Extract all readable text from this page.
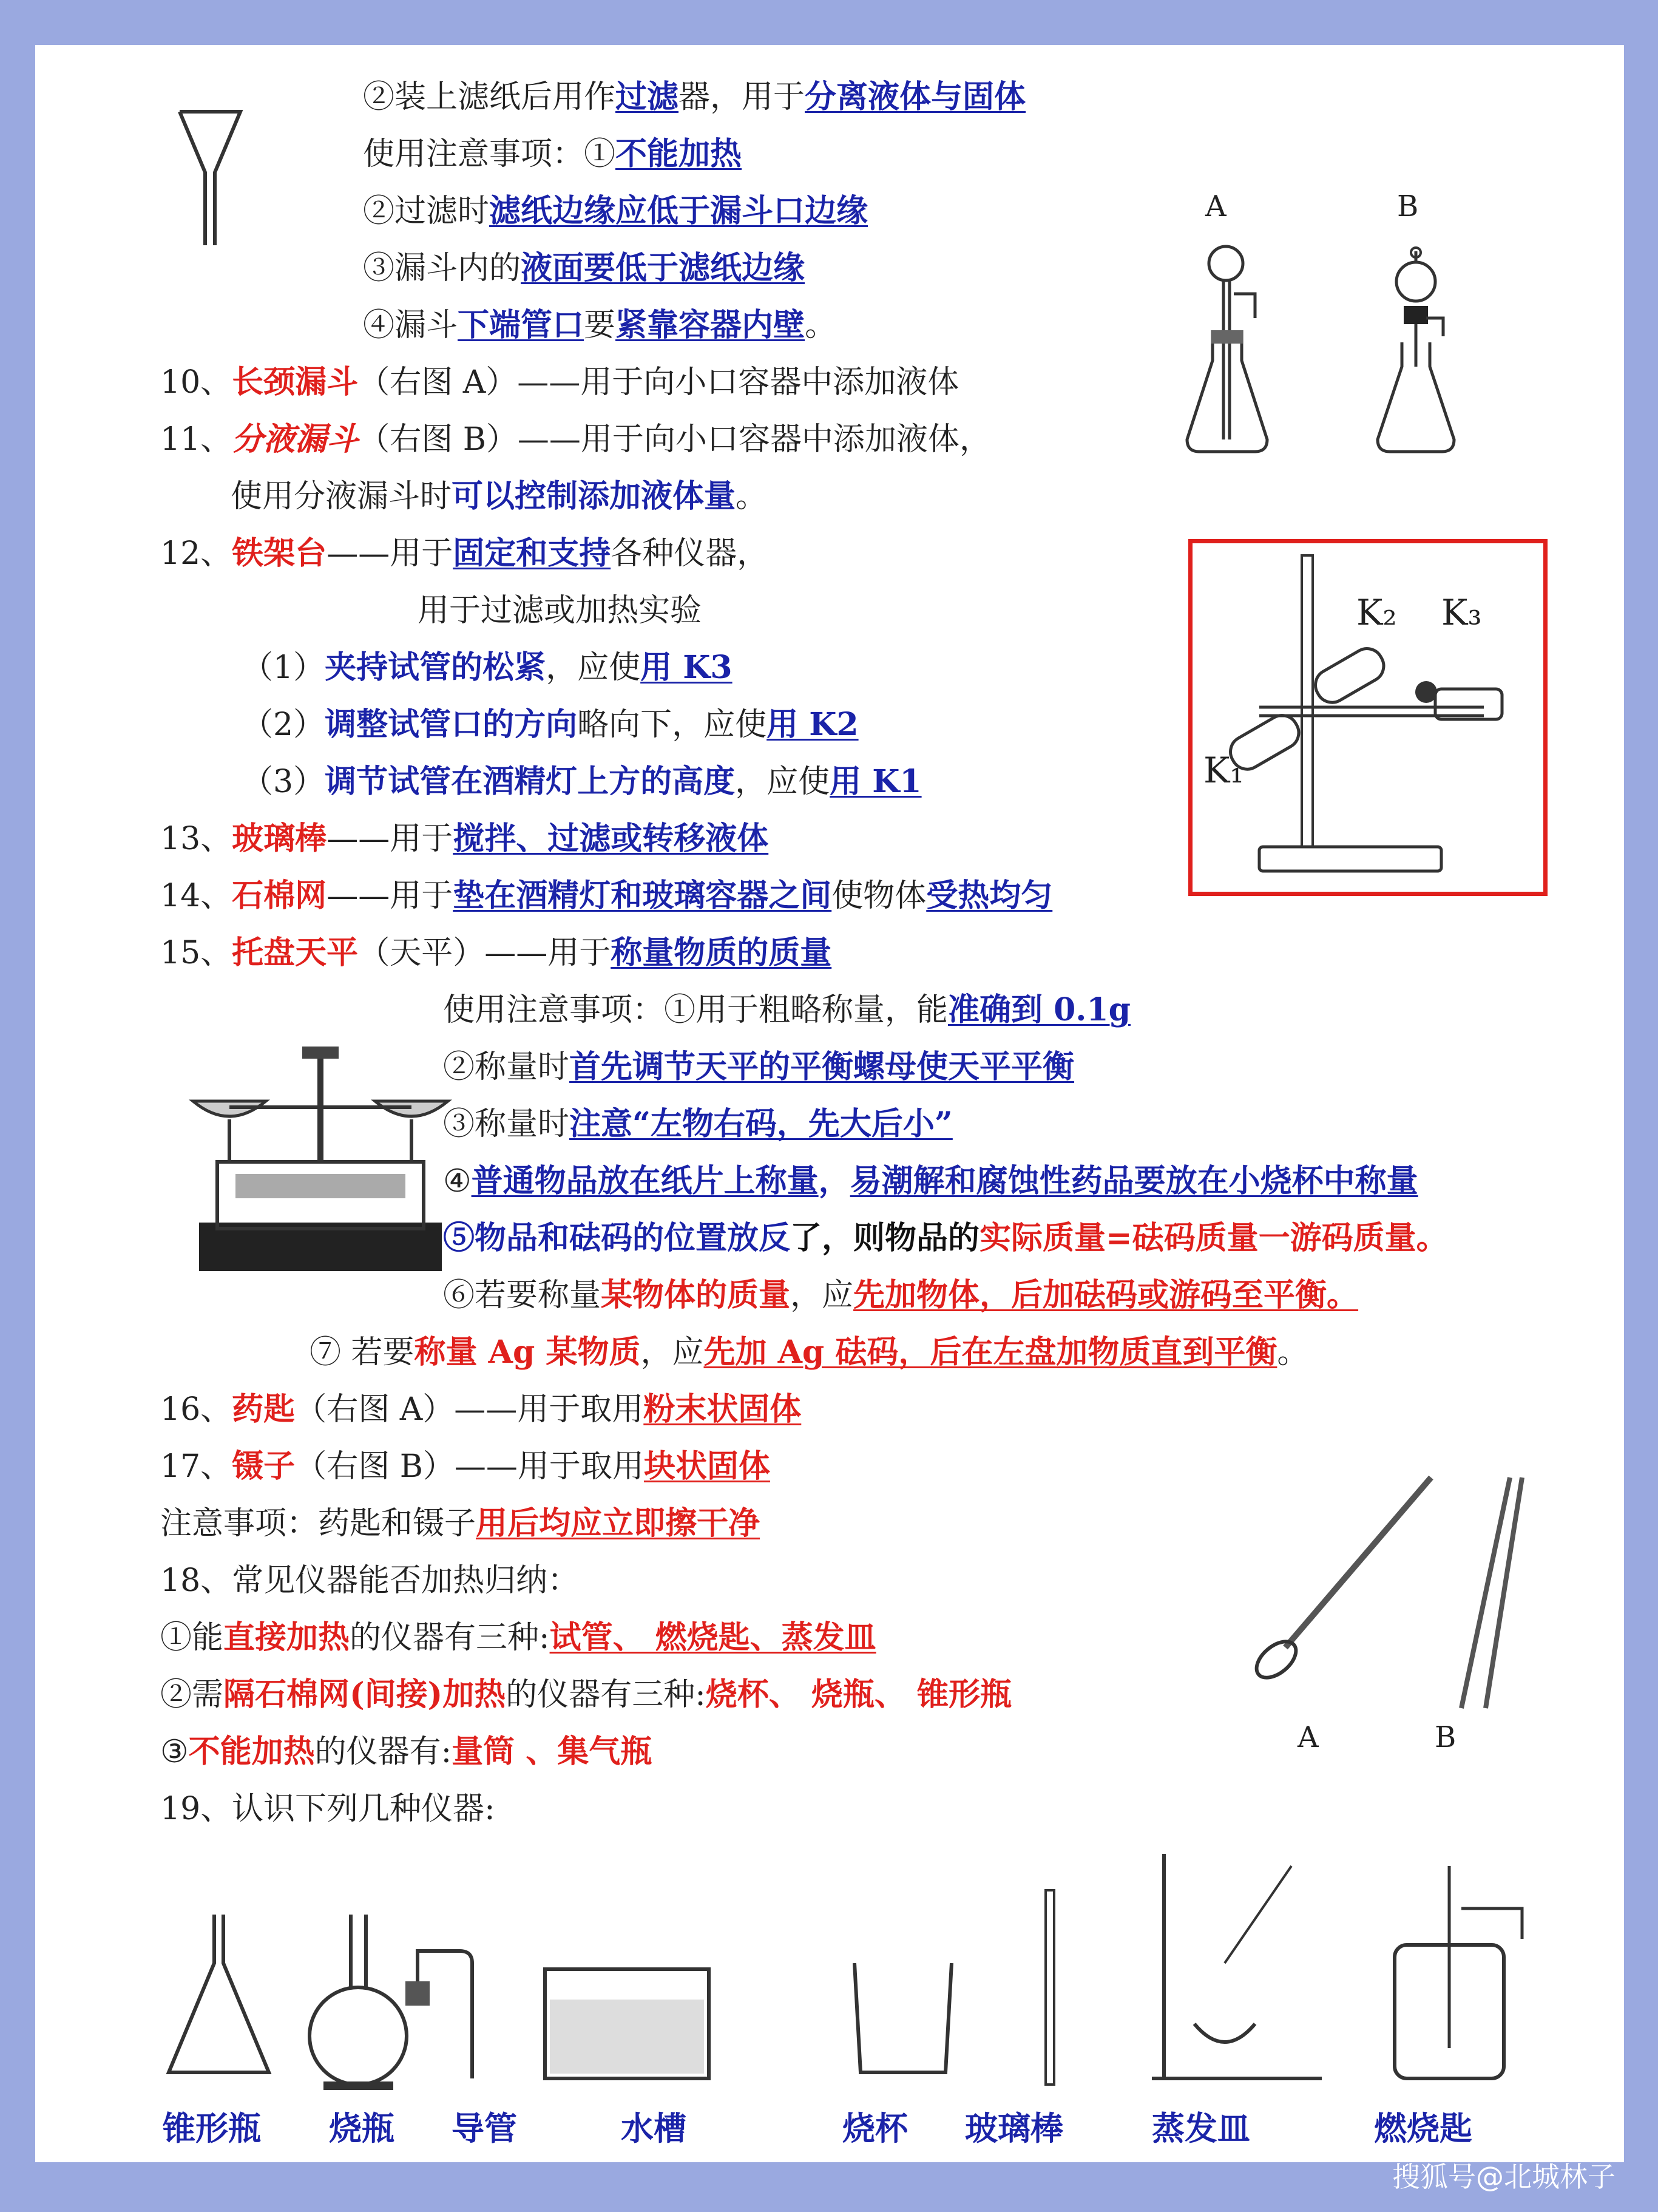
②装上滤纸后用作过滤器，用于分离液体与固体
使用注意事项：①不能加热
②过滤时滤纸边缘应低于漏斗口边缘
③漏斗内的液面要低于滤纸边缘
④漏斗下端管口要紧靠容器内壁。
A	B
10、长颈漏斗（右图 A）——用于向小口容器中添加液体
11、分液漏斗（右图 B）——用于向小口容器中添加液体，
使用分液漏斗时可以控制添加液体量。
12、铁架台——用于固定和支持各种仪器，
用于过滤或加热实验
（1）夹持试管的松紧，应使用 K3
（2）调整试管口的方向略向下，应使用 K2
（3）调节试管在酒精灯上方的高度，应使用 K1
K₂ K₃
K₁
13、玻璃棒——用于搅拌、过滤或转移液体
14、石棉网——用于垫在酒精灯和玻璃容器之间使物体受热均匀
15、托盘天平（天平）——用于称量物质的质量
使用注意事项：①用于粗略称量，能准确到 0.1g
②称量时首先调节天平的平衡螺母使天平平衡
③称量时注意“左物右码，先大后小”
④普通物品放在纸片上称量，易潮解和腐蚀性药品要放在小烧杯中称量
⑤物品和砝码的位置放反了，则物品的实际质量=砝码质量一游码质量。
⑥若要称量某物体的质量，应先加物体，后加砝码或游码至平衡。
⑦ 若要称量 Ag 某物质，应先加 Ag 砝码，后在左盘加物质直到平衡。
16、药匙（右图 A）——用于取用粉末状固体
17、镊子（右图 B）——用于取用块状固体
注意事项：药匙和镊子用后均应立即擦干净
A	B
18、常见仪器能否加热归纳：
①能直接加热的仪器有三种:试管、 燃烧匙、蒸发皿
②需隔石棉网(间接)加热的仪器有三种:烧杯、 烧瓶、 锥形瓶
③不能加热的仪器有:量筒 、集气瓶
19、认识下列几种仪器:
锥形瓶 烧瓶 导管	水槽	烧杯 玻璃棒	蒸发皿	燃烧匙
搜狐号@北城林子
